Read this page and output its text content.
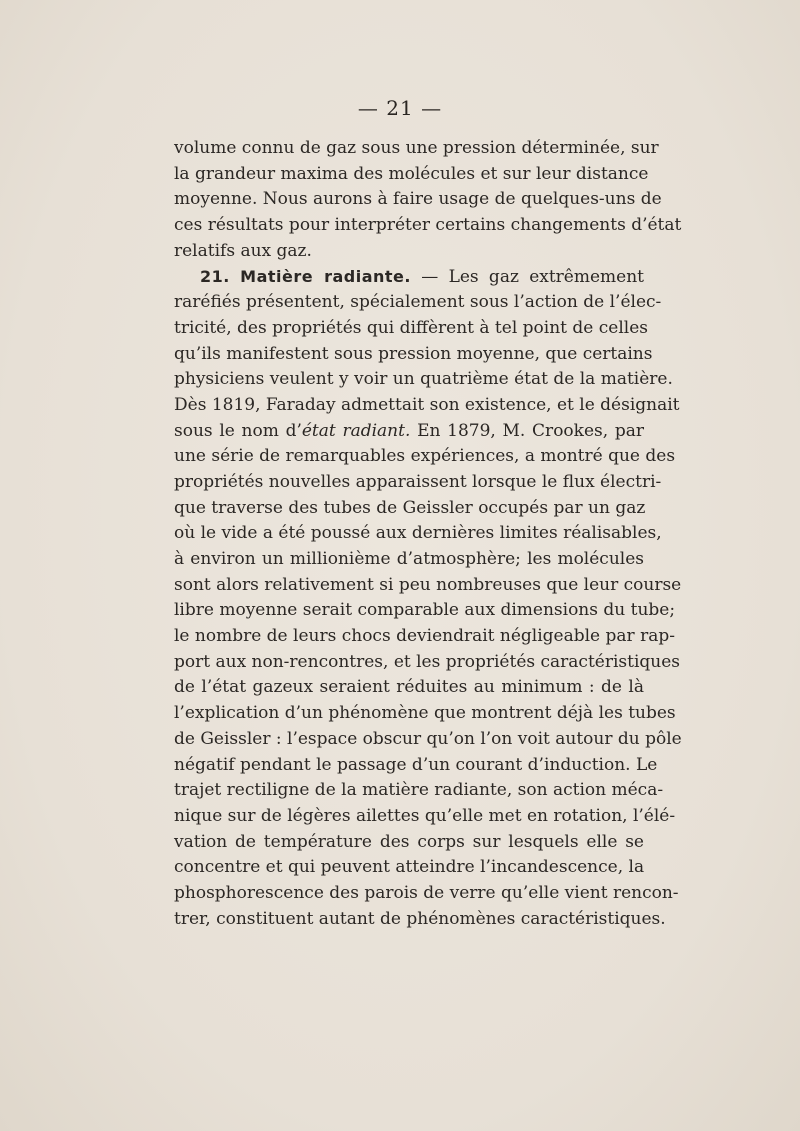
— 21 —
volume connu de gaz sous une pression déterminée, sur
la grandeur maxima des molécules et sur leur distance
moyenne. Nous aurons à faire usage de quelques-uns de
ces résultats pour interpréter certains changements d’état
relatifs aux gaz.
21. Matière radiante. — Les gaz extrêmement
raréfiés présentent, spécialement sous l’action de l’élec-
tricité, des propriétés qui diffèrent à tel point de celles
qu’ils manifestent sous pression moyenne, que certains
physiciens veulent y voir un quatrième état de la matière.
Dès 1819, Faraday admettait son existence, et le désignait
sous le nom d’état radiant. En 1879, M. Crookes, par
une série de remarquables expériences, a montré que des
propriétés nouvelles apparaissent lorsque le flux électri-
que traverse des tubes de Geissler occupés par un gaz
où le vide a été poussé aux dernières limites réalisables,
à environ un millionième d’atmosphère; les molécules
sont alors relativement si peu nombreuses que leur course
libre moyenne serait comparable aux dimensions du tube;
le nombre de leurs chocs deviendrait négligeable par rap-
port aux non-rencontres, et les propriétés caractéristiques
de l’état gazeux seraient réduites au minimum : de là
l’explication d’un phénomène que montrent déjà les tubes
de Geissler : l’espace obscur qu’on l’on voit autour du pôle
négatif pendant le passage d’un courant d’induction. Le
trajet rectiligne de la matière radiante, son action méca-
nique sur de légères ailettes qu’elle met en rotation, l’élé-
vation de température des corps sur lesquels elle se
concentre et qui peuvent atteindre l’incandescence, la
phosphorescence des parois de verre qu’elle vient rencon-
trer, constituent autant de phénomènes caractéristiques.
